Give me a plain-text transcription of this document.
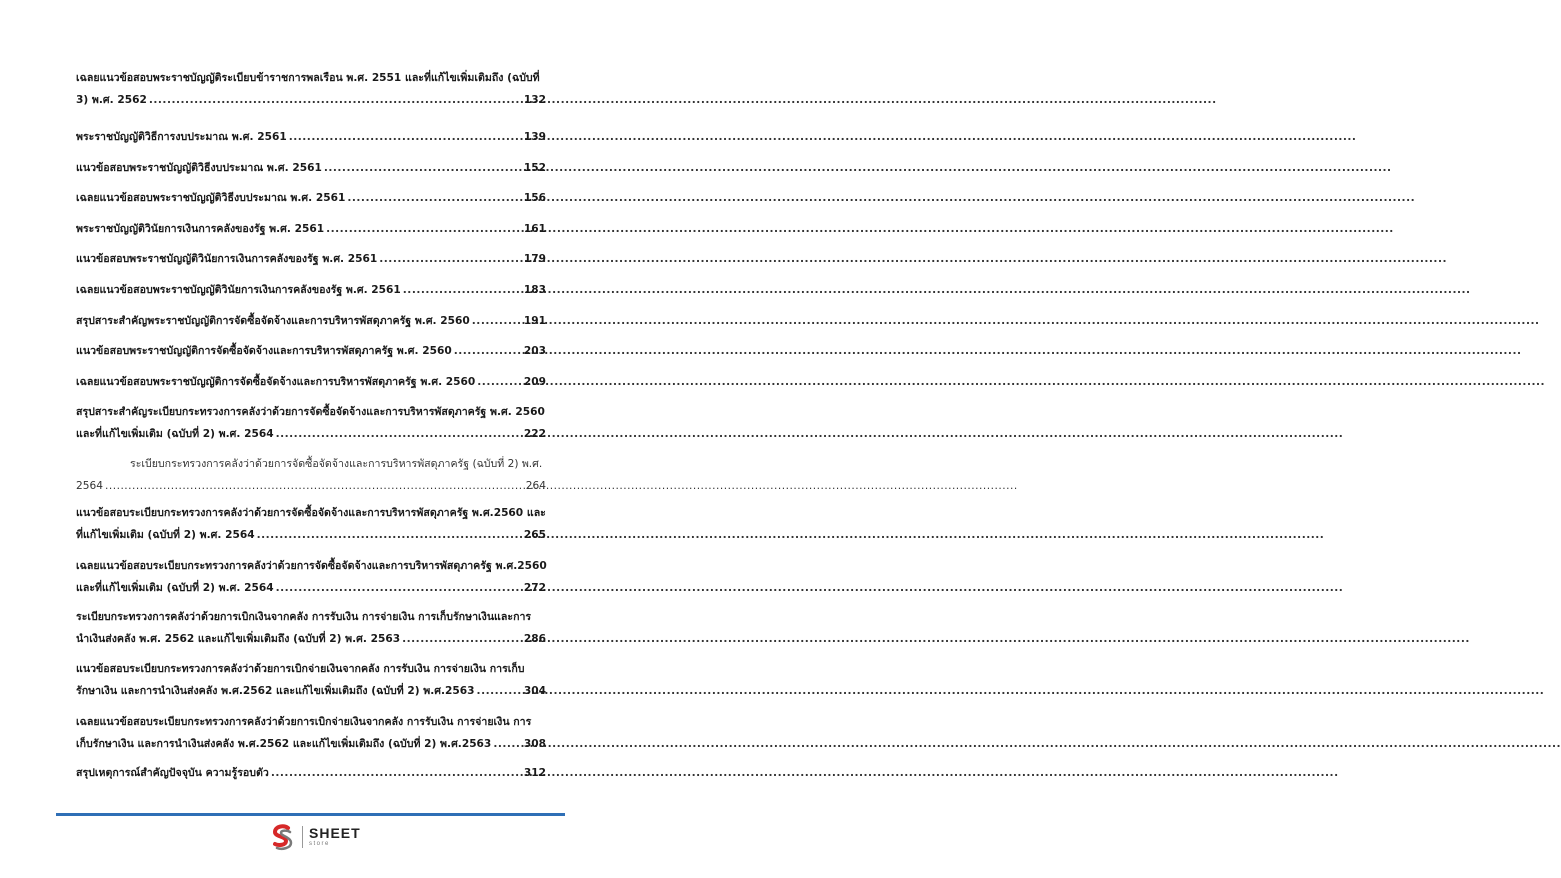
เฉลยแนวข้อสอบพระราชบัญญัติระเบียบข้าราชการพลเรือน พ.ศ. 2551 และที่แก้ไขเพิ่มเติมถึง (ฉบับที่
3) พ.ศ. 2562 .....	132
พระราชบัญญัติวิธีการงบประมาณ พ.ศ. 2561 .....	139
แนวข้อสอบพระราชบัญญัติวิธีงบประมาณ พ.ศ. 2561 .....	152
เฉลยแนวข้อสอบพระราชบัญญัติวิธีงบประมาณ พ.ศ. 2561 .....	156
พระราชบัญญัติวินัยการเงินการคลังของรัฐ พ.ศ. 2561 .....	161
แนวข้อสอบพระราชบัญญัติวินัยการเงินการคลังของรัฐ พ.ศ. 2561 .....	179
เฉลยแนวข้อสอบพระราชบัญญัติวินัยการเงินการคลังของรัฐ พ.ศ. 2561 .....	183
สรุปสาระสำคัญพระราชบัญญัติการจัดซื้อจัดจ้างและการบริหารพัสดุภาครัฐ พ.ศ. 2560 .....	191
แนวข้อสอบพระราชบัญญัติการจัดซื้อจัดจ้างและการบริหารพัสดุภาครัฐ พ.ศ. 2560 .....	203
เฉลยแนวข้อสอบพระราชบัญญัติการจัดซื้อจัดจ้างและการบริหารพัสดุภาครัฐ พ.ศ. 2560 .....	209
สรุปสาระสำคัญระเบียบกระทรวงการคลังว่าด้วยการจัดซื้อจัดจ้างและการบริหารพัสดุภาครัฐ พ.ศ. 2560
และที่แก้ไขเพิ่มเติม (ฉบับที่ 2) พ.ศ. 2564 .....	222
ระเบียบกระทรวงการคลังว่าด้วยการจัดซื้อจัดจ้างและการบริหารพัสดุภาครัฐ (ฉบับที่ 2) พ.ศ.
2564 .....	264
แนวข้อสอบระเบียบกระทรวงการคลังว่าด้วยการจัดซื้อจัดจ้างและการบริหารพัสดุภาครัฐ พ.ศ.2560 และ
ที่แก้ไขเพิ่มเติม (ฉบับที่ 2) พ.ศ. 2564 .....	265
เฉลยแนวข้อสอบระเบียบกระทรวงการคลังว่าด้วยการจัดซื้อจัดจ้างและการบริหารพัสดุภาครัฐ พ.ศ.2560
และที่แก้ไขเพิ่มเติม (ฉบับที่ 2) พ.ศ. 2564 .....	272
ระเบียบกระทรวงการคลังว่าด้วยการเบิกเงินจากคลัง การรับเงิน การจ่ายเงิน การเก็บรักษาเงินและการ
นำเงินส่งคลัง พ.ศ. 2562 และแก้ไขเพิ่มเติมถึง (ฉบับที่ 2) พ.ศ. 2563 .....	286
แนวข้อสอบระเบียบกระทรวงการคลังว่าด้วยการเบิกจ่ายเงินจากคลัง การรับเงิน การจ่ายเงิน การเก็บ
รักษาเงิน และการนำเงินส่งคลัง พ.ศ.2562 และแก้ไขเพิ่มเติมถึง (ฉบับที่ 2) พ.ศ.2563 .....	304
เฉลยแนวข้อสอบระเบียบกระทรวงการคลังว่าด้วยการเบิกจ่ายเงินจากคลัง การรับเงิน การจ่ายเงิน การ
เก็บรักษาเงิน และการนำเงินส่งคลัง พ.ศ.2562 และแก้ไขเพิ่มเติมถึง (ฉบับที่ 2) พ.ศ.2563 .....	308
สรุปเหตุการณ์สำคัญปัจจุบัน ความรู้รอบตัว .....	312
SHEET
store
